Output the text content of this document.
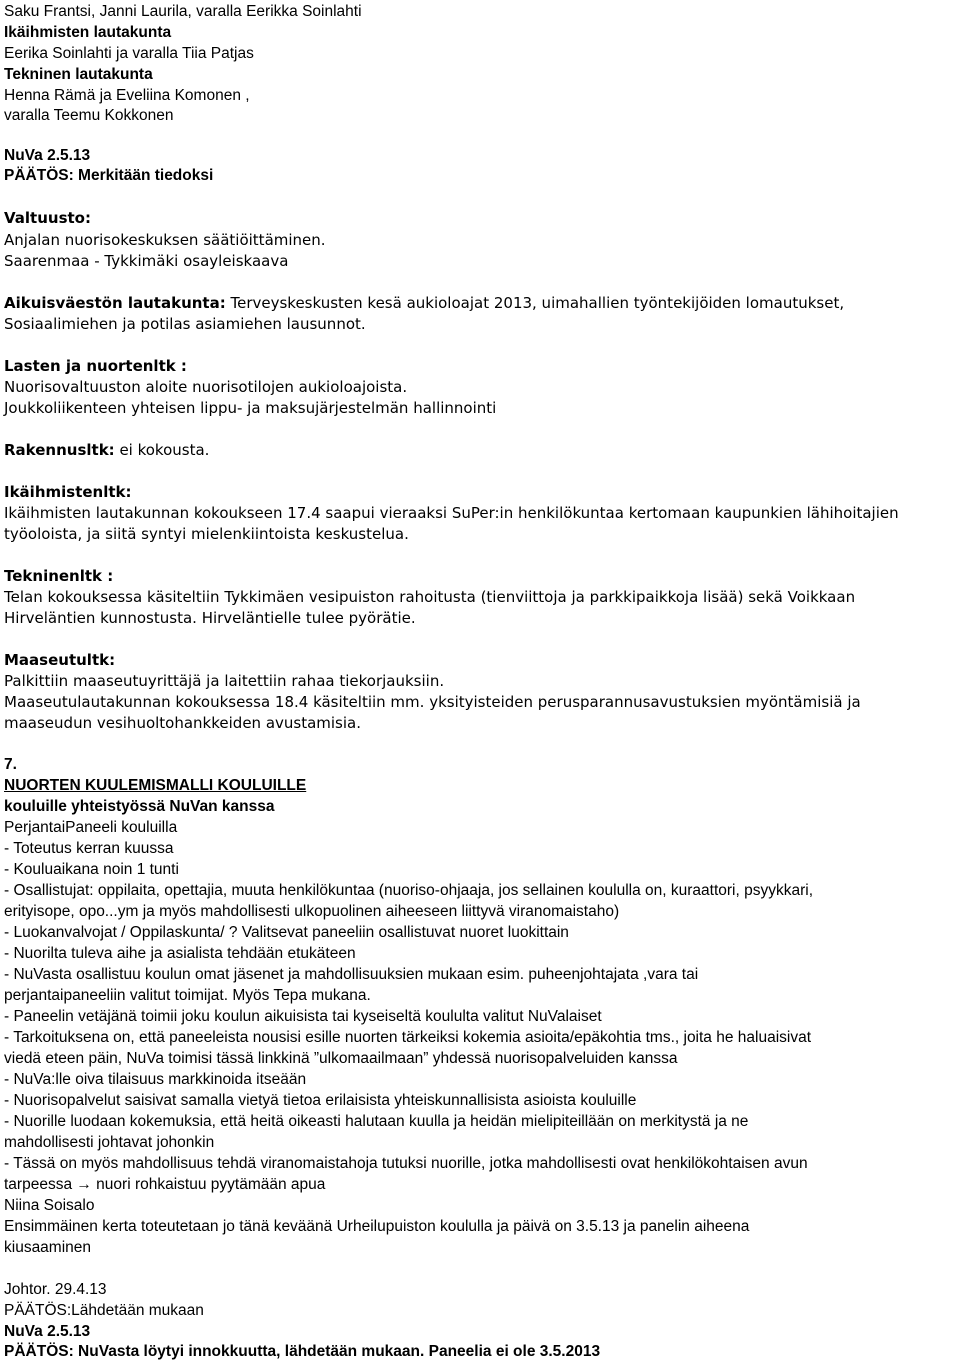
Saku Frantsi, Janni Laurila, varalla Eerikka Soinlahti
Ikäihmisten lautakunta
Eerika Soinlahti ja varalla Tiia Patjas
Tekninen lautakunta
Henna Rämä ja Eveliina Komonen ,
varalla Teemu Kokkonen
NuVa 2.5.13
PÄÄTÖS: Merkitään tiedoksi
Valtuusto:
Anjalan nuorisokeskuksen säätiöittäminen.
Saarenmaa - Tykkimäki osayleiskaava
Aikuisväestön lautakunta: Terveyskeskusten kesä aukioloajat 2013, uimahallien työntekijöiden lomautukset,
Sosiaalimiehen ja potilas asiamiehen lausunnot.
Lasten ja nuortenltk :
Nuorisovaltuuston aloite nuorisotilojen aukioloajoista.
Joukkoliikenteen yhteisen lippu- ja maksujärjestelmän hallinnointi
Rakennusltk: ei kokousta.
Ikäihmistenltk:
Ikäihmisten lautakunnan kokoukseen 17.4 saapui vieraaksi SuPer:in henkilökuntaa kertomaan kaupunkien lähihoitajien
työoloista, ja siitä syntyi mielenkiintoista keskustelua.
Tekninenltk :
Telan kokouksessa käsiteltiin Tykkimäen vesipuiston rahoitusta (tienviittoja ja parkkipaikkoja lisää) sekä Voikkaan
Hirveläntien kunnostusta. Hirveläntielle tulee pyörätie.
Maaseutultk:
Palkittiin maaseutuyrittäjä ja laitettiin rahaa tiekorjauksiin.
Maaseutulautakunnan kokouksessa 18.4 käsiteltiin mm. yksityisteiden perusparannusavustuksien myöntämisiä ja
maaseudun vesihuoltohankkeiden avustamisia.
7.
NUORTEN KUULEMISMALLI KOULUILLE
kouluille yhteistyössä NuVan kanssa
PerjantaiPaneeli kouluilla
- Toteutus kerran kuussa
- Kouluaikana noin 1 tunti
- Osallistujat: oppilaita, opettajia, muuta henkilökuntaa (nuoriso-ohjaaja, jos sellainen koululla on, kuraattori, psyykkari,
erityisope, opo...ym ja myös mahdollisesti ulkopuolinen aiheeseen liittyvä viranomaistaho)
- Luokanvalvojat / Oppilaskunta/ ? Valitsevat paneeliin osallistuvat nuoret luokittain
- Nuorilta tuleva aihe ja asialista tehdään etukäteen
- NuVasta osallistuu koulun omat jäsenet ja mahdollisuuksien mukaan esim. puheenjohtajata ,vara tai
perjantaipaneeliin valitut toimijat. Myös Tepa mukana.
- Paneelin vetäjänä toimii joku koulun aikuisista tai kyseiseltä koululta valitut NuValaiset
- Tarkoituksena on, että paneeleista nousisi esille nuorten tärkeiksi kokemia asioita/epäkohtia tms., joita he haluaisivat
viedä eteen päin, NuVa toimisi tässä linkkinä ”ulkomaailmaan” yhdessä nuorisopalveluiden kanssa
- NuVa:lle oiva tilaisuus markkinoida itseään
- Nuorisopalvelut saisivat samalla vietyä tietoa erilaisista yhteiskunnallisista asioista kouluille
- Nuorille luodaan kokemuksia, että heitä oikeasti halutaan kuulla ja heidän mielipiteillään on merkitystä ja ne
mahdollisesti johtavat johonkin
- Tässä on myös mahdollisuus tehdä viranomaistahoja tutuksi nuorille, jotka mahdollisesti ovat henkilökohtaisen avun
tarpeessa → nuori rohkaistuu pyytämään apua
Niina Soisalo
Ensimmäinen kerta toteutetaan jo tänä keväänä Urheilupuiston koululla ja päivä on 3.5.13 ja panelin aiheena
kiusaaminen
Johtor. 29.4.13
PÄÄTÖS:Lähdetään mukaan
NuVa 2.5.13
PÄÄTÖS: NuVasta löytyi innokkuutta, lähdetään mukaan. Paneelia ei ole 3.5.2013
